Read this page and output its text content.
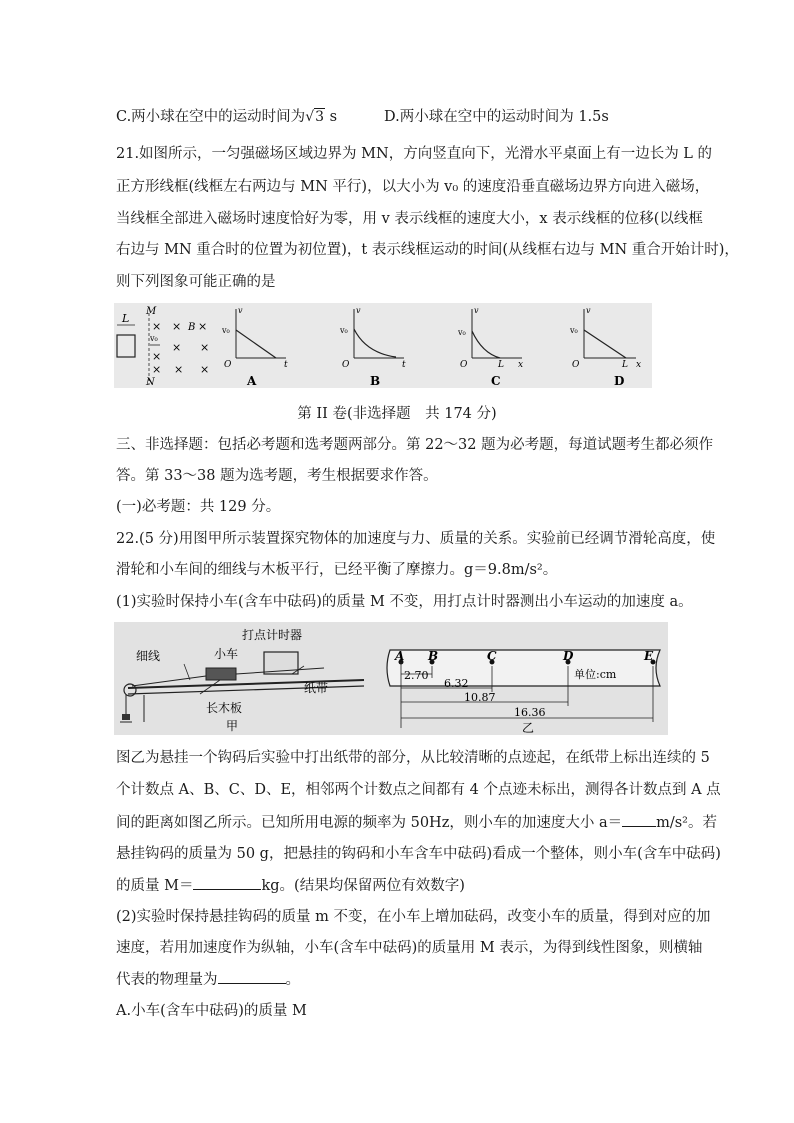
C.两小球在空中的运动时间为√3 s	D.两小球在空中的运动时间为 1.5s
21.如图所示，一匀强磁场区域边界为 MN，方向竖直向下，光滑水平桌面上有一边长为 L 的
正方形线框(线框左右两边与 MN 平行)，以大小为 v₀ 的速度沿垂直磁场边界方向进入磁场，
当线框全部进入磁场时速度恰好为零，用 v 表示线框的速度大小，x 表示线框的位移(以线框
右边与 MN 重合时的位置为初位置)，t 表示线框运动的时间(从线框右边与 MN 重合开始计时)，
则下列图象可能正确的是
L
M
N
v₀
B
× × ×
× ×
×
× × ×
v
v₀
O	t
A
v
v₀
O	t
B
v
v₀
O	L x
C
v
v₀
O	L x
D
第 II 卷(非选择题　共 174 分)
三、非选择题：包括必考题和选考题两部分。第 22～32 题为必考题，每道试题考生都必须作
答。第 33～38 题为选考题，考生根据要求作答。
(一)必考题：共 129 分。
22.(5 分)用图甲所示装置探究物体的加速度与力、质量的关系。实验前已经调节滑轮高度，使
滑轮和小车间的细线与木板平行，已经平衡了摩擦力。g＝9.8m/s²。
(1)实验时保持小车(含车中砝码)的质量 M 不变，用打点计时器测出小车运动的加速度 a。
细线	小车
打点计时器
纸带
长木板
甲
A B	C	D	E
单位:cm
2.70
6.32
10.87
16.36
乙
图乙为悬挂一个钩码后实验中打出纸带的部分，从比较清晰的点迹起，在纸带上标出连续的 5
个计数点 A、B、C、D、E，相邻两个计数点之间都有 4 个点迹未标出，测得各计数点到 A 点
间的距离如图乙所示。已知所用电源的频率为 50Hz，则小车的加速度大小 a＝ m/s²。若
悬挂钩码的质量为 50 g，把悬挂的钩码和小车含车中砝码)看成一个整体，则小车(含车中砝码)
的质量 M＝	kg。(结果均保留两位有效数字)
(2)实验时保持悬挂钩码的质量 m 不变，在小车上增加砝码，改变小车的质量，得到对应的加
速度，若用加速度作为纵轴，小车(含车中砝码)的质量用 M 表示，为得到线性图象，则横轴
代表的物理量为	。
A.小车(含车中砝码)的质量 M
